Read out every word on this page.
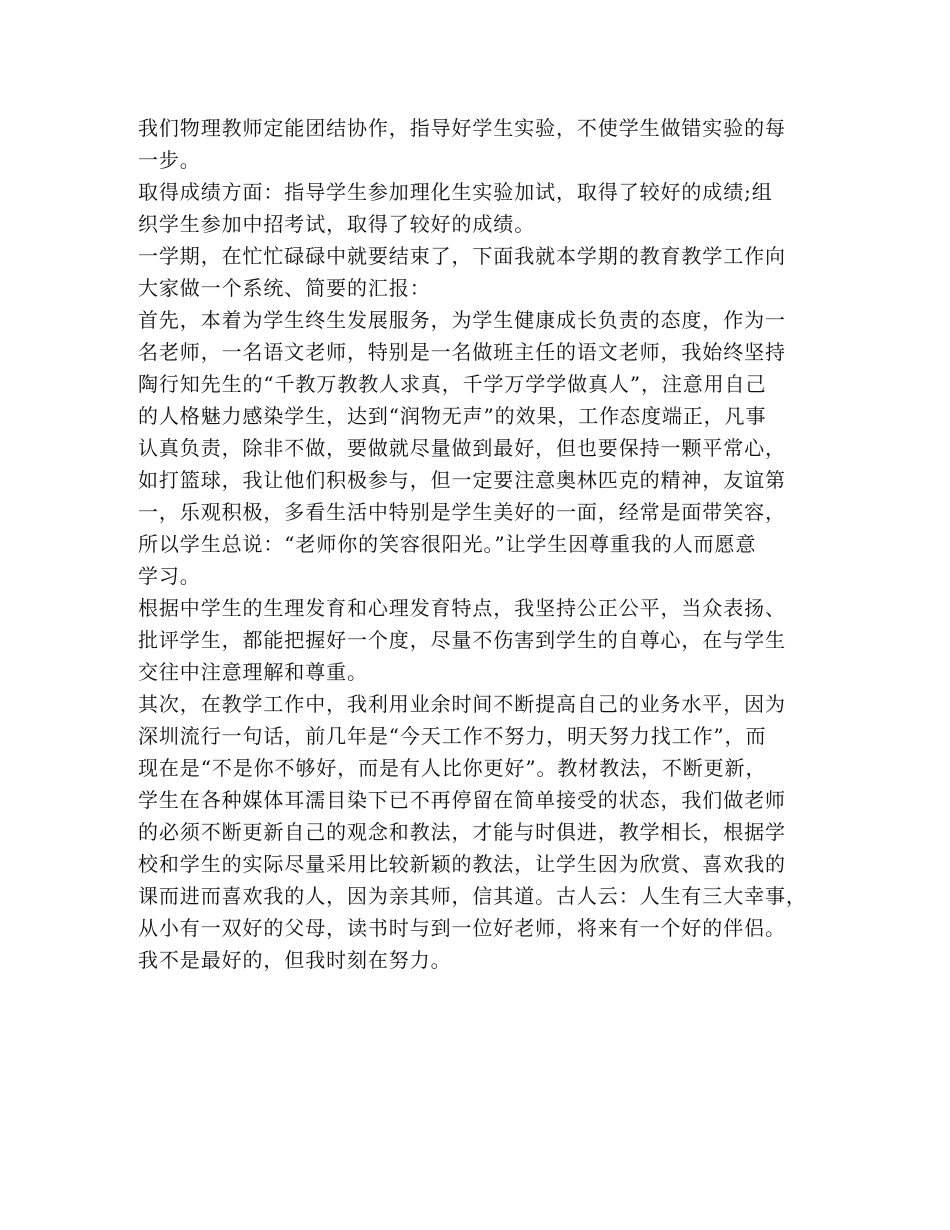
我们物理教师定能团结协作，指导好学生实验，不使学生做错实验的每

一步。

取得成绩方面：指导学生参加理化生实验加试，取得了较好的成绩;组

织学生参加中招考试，取得了较好的成绩。

一学期，在忙忙碌碌中就要结束了，下面我就本学期的教育教学工作向

大家做一个系统、简要的汇报：

首先，本着为学生终生发展服务，为学生健康成长负责的态度，作为一

名老师，一名语文老师，特别是一名做班主任的语文老师，我始终坚持

陶行知先生的“千教万教教人求真，千学万学学做真人”，注意用自己

的人格魅力感染学生，达到“润物无声”的效果，工作态度端正，凡事

认真负责，除非不做，要做就尽量做到最好，但也要保持一颗平常心，

如打篮球，我让他们积极参与，但一定要注意奥林匹克的精神，友谊第

一，乐观积极，多看生活中特别是学生美好的一面，经常是面带笑容，

所以学生总说：“老师你的笑容很阳光。”让学生因尊重我的人而愿意

学习。

根据中学生的生理发育和心理发育特点，我坚持公正公平，当众表扬、

批评学生，都能把握好一个度，尽量不伤害到学生的自尊心，在与学生

交往中注意理解和尊重。

其次，在教学工作中，我利用业余时间不断提高自己的业务水平，因为

深圳流行一句话，前几年是“今天工作不努力，明天努力找工作”，而

现在是“不是你不够好，而是有人比你更好”。教材教法，不断更新，

学生在各种媒体耳濡目染下已不再停留在简单接受的状态，我们做老师

的必须不断更新自己的观念和教法，才能与时俱进，教学相长，根据学

校和学生的实际尽量采用比较新颖的教法，让学生因为欣赏、喜欢我的

课而进而喜欢我的人，因为亲其师，信其道。古人云：人生有三大幸事，

从小有一双好的父母，读书时与到一位好老师，将来有一个好的伴侣。

我不是最好的，但我时刻在努力。
